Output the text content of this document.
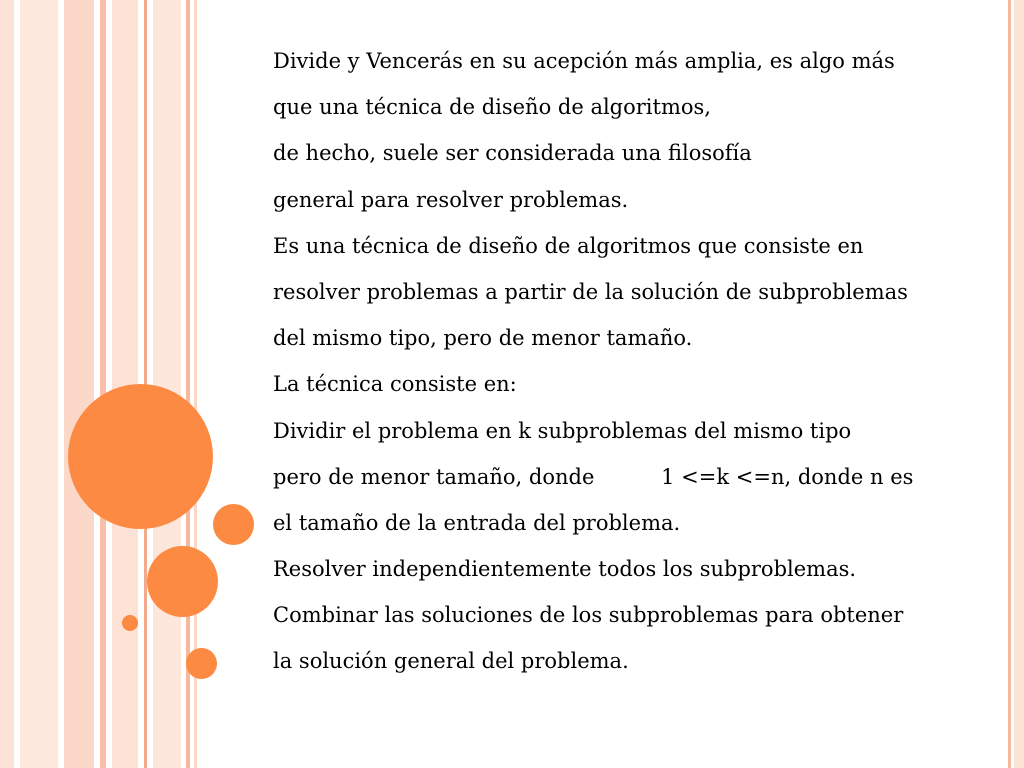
Divide y Vencerás en su acepción más amplia, es algo más
que una técnica de diseño de algoritmos,
de hecho, suele ser considerada una filosofía
general para resolver problemas.
Es una técnica de diseño de algoritmos que consiste en
resolver problemas a partir de la solución de subproblemas
del mismo tipo, pero de menor tamaño.
La técnica consiste en:
Dividir el problema en k subproblemas del mismo tipo
pero de menor tamaño, donde          1 <=k <=n, donde n es
el tamaño de la entrada del problema.
Resolver independientemente todos los subproblemas.
Combinar las soluciones de los subproblemas para obtener
la solución general del problema.
